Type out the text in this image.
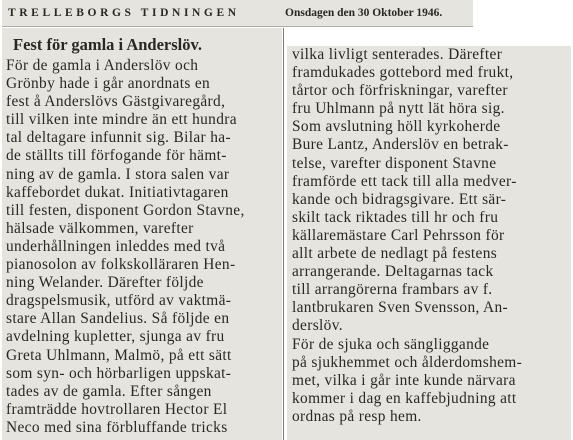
TRELLEBORGS TIDNINGEN	Onsdagen den 30 Oktober 1946.
Fest för gamla i Anderslöv.
För de gamla i Anderslöv och
Grönby hade i går anordnats en
fest å Anderslövs Gästgivaregård,
till vilken inte mindre än ett hundra
tal deltagare infunnit sig. Bilar ha-
de ställts till förfogande för hämt-
ning av de gamla. I stora salen var
kaffebordet dukat. Initiativtagaren
till festen, disponent Gordon Stavne,
hälsade välkommen, varefter
underhållningen inleddes med två
pianosolon av folkskolläraren Hen-
ning Welander. Därefter följde
dragspelsmusik, utförd av vaktmä-
stare Allan Sandelius. Så följde en
avdelning kupletter, sjunga av fru
Greta Uhlmann, Malmö, på ett sätt
som syn- och hörbarligen uppskat-
tades av de gamla. Efter sången
framträdde hovtrollaren Hector El
Neco med sina förbluffande tricks
vilka livligt senterades. Därefter
framdukades gottebord med frukt,
tårtor och förfriskningar, varefter
fru Uhlmann på nytt lät höra sig.
Som avslutning höll kyrkoherde
Bure Lantz, Anderslöv en betrak-
telse, varefter disponent Stavne
framförde ett tack till alla medver-
kande och bidragsgivare. Ett sär-
skilt tack riktades till hr och fru
källaremästare Carl Pehrsson för
allt arbete de nedlagt på festens
arrangerande. Deltagarnas tack
till arrangörerna frambars av f.
lantbrukaren Sven Svensson, An-
derslöv.
För de sjuka och sängliggande
på sjukhemmet och ålderdomshem-
met, vilka i går inte kunde närvara
kommer i dag en kaffebjudning att
ordnas på resp hem.
